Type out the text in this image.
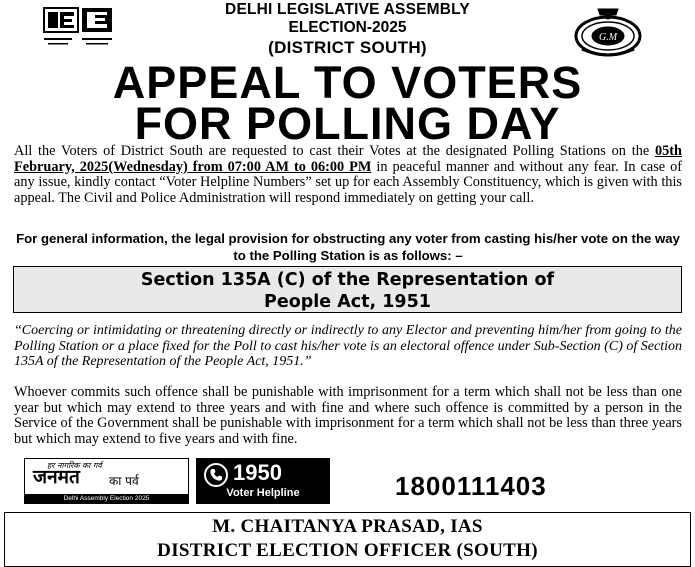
G.M
DELHI LEGISLATIVE ASSEMBLY
ELECTION-2025
(DISTRICT SOUTH)
APPEAL TO VOTERS
FOR POLLING DAY
All the Voters of District South are requested to cast their Votes at the designated Polling Stations on the 05th February, 2025(Wednesday) from 07:00 AM to 06:00 PM in peaceful manner and without any fear. In case of any issue, kindly contact “Voter Helpline Numbers” set up for each Assembly Constituency, which is given with this appeal. The Civil and Police Administration will respond immediately on getting your call.
For general information, the legal provision for obstructing any voter from casting his/her vote on the way to the Polling Station is as follows: –
Section 135A (C) of the Representation of
People Act, 1951
“Coercing or intimidating or threatening directly or indirectly to any Elector and preventing him/her from going to the Polling Station or a place fixed for the Poll to cast his/her vote is an electoral offence under Sub-Section (C) of Section 135A of the Representation of the People Act, 1951.”
Whoever commits such offence shall be punishable with imprisonment for a term which shall not be less than one year but which may extend to three years and with fine and where such offence is committed by a person in the Service of the Government shall be punishable with imprisonment for a term which shall not be less than three years but which may extend to five years and with fine.
हर नागरिक का गर्व
जनमत का पर्व
Delhi Assembly Election 2025
1950
Voter Helpline	1800111403
M. CHAITANYA PRASAD, IAS
DISTRICT ELECTION OFFICER (SOUTH)
